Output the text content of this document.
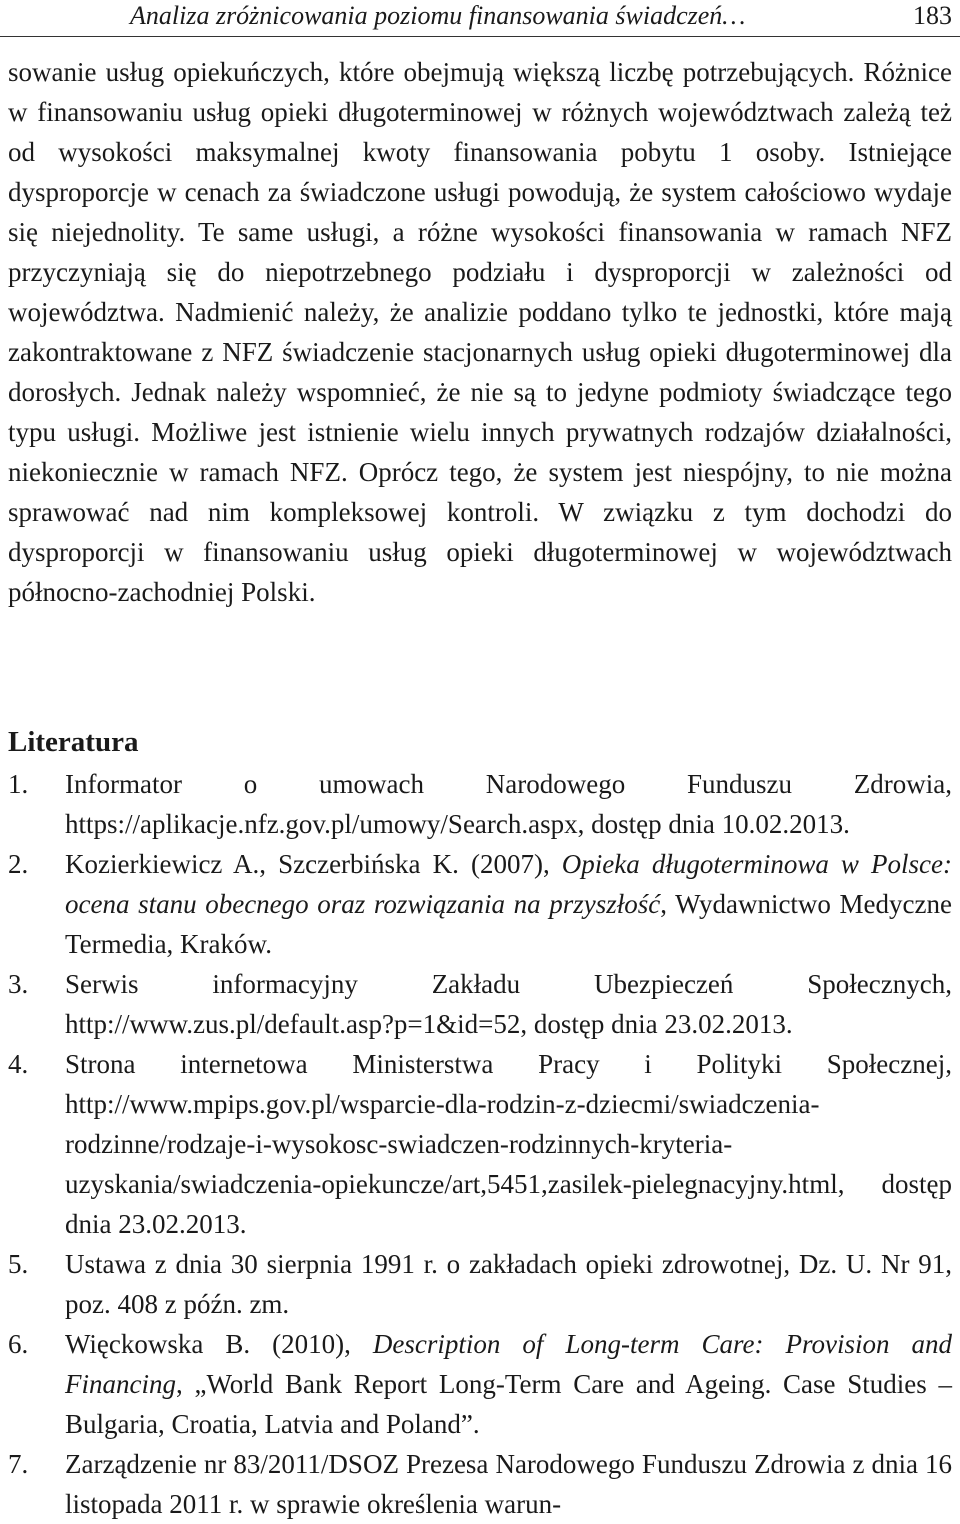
Analiza zróżnicowania poziomu finansowania świadczeń…	183

sowanie usług opiekuńczych, które obejmują większą liczbę potrzebujących. Różnice w finansowaniu usług opieki długoterminowej w różnych województwach zależą też od wysokości maksymalnej kwoty finansowania pobytu 1 osoby. Istniejące dysproporcje w cenach za świadczone usługi powodują, że system całościowo wydaje się niejednolity. Te same usługi, a różne wysokości finansowania w ramach NFZ przyczyniają się do niepotrzebnego podziału i dysproporcji w zależności od województwa. Nadmienić należy, że analizie poddano tylko te jednostki, które mają zakontraktowane z NFZ świadczenie stacjonarnych usług opieki długoterminowej dla dorosłych. Jednak należy wspomnieć, że nie są to jedyne podmioty świadczące tego typu usługi. Możliwe jest istnienie wielu innych prywatnych rodzajów działalności, niekoniecznie w ramach NFZ. Oprócz tego, że system jest niespójny, to nie można sprawować nad nim kompleksowej kontroli. W związku z tym dochodzi do dysproporcji w finansowaniu usług opieki długoterminowej w województwach północno-zachodniej Polski.

Literatura
1. Informator o umowach Narodowego Funduszu Zdrowia, https://aplikacje.nfz.gov.pl/umowy/Search.aspx, dostęp dnia 10.02.2013.
2. Kozierkiewicz A., Szczerbińska K. (2007), Opieka długoterminowa w Polsce: ocena stanu obecnego oraz rozwiązania na przyszłość, Wydawnictwo Medyczne Termedia, Kraków.
3. Serwis informacyjny Zakładu Ubezpieczeń Społecznych, http://www.zus.pl/default.asp?p=1&id=52, dostęp dnia 23.02.2013.
4. Strona internetowa Ministerstwa Pracy i Polityki Społecznej, http://www.mpips.gov.pl/wsparcie-dla-rodzin-z-dziecmi/swiadczenia-rodzinne/rodzaje-i-wysokosc-swiadczen-rodzinnych-kryteria-uzyskania/swiadczenia-opiekuncze/art,5451,zasilek-pielegnacyjny.html, dostęp dnia 23.02.2013.
5. Ustawa z dnia 30 sierpnia 1991 r. o zakładach opieki zdrowotnej, Dz. U. Nr 91, poz. 408 z późn. zm.
6. Więckowska B. (2010), Description of Long-term Care: Provision and Financing, „World Bank Report Long-Term Care and Ageing. Case Studies – Bulgaria, Croatia, Latvia and Poland”.
7. Zarządzenie nr 83/2011/DSOZ Prezesa Narodowego Funduszu Zdrowia z dnia 16 listopada 2011 r. w sprawie określenia warun-
